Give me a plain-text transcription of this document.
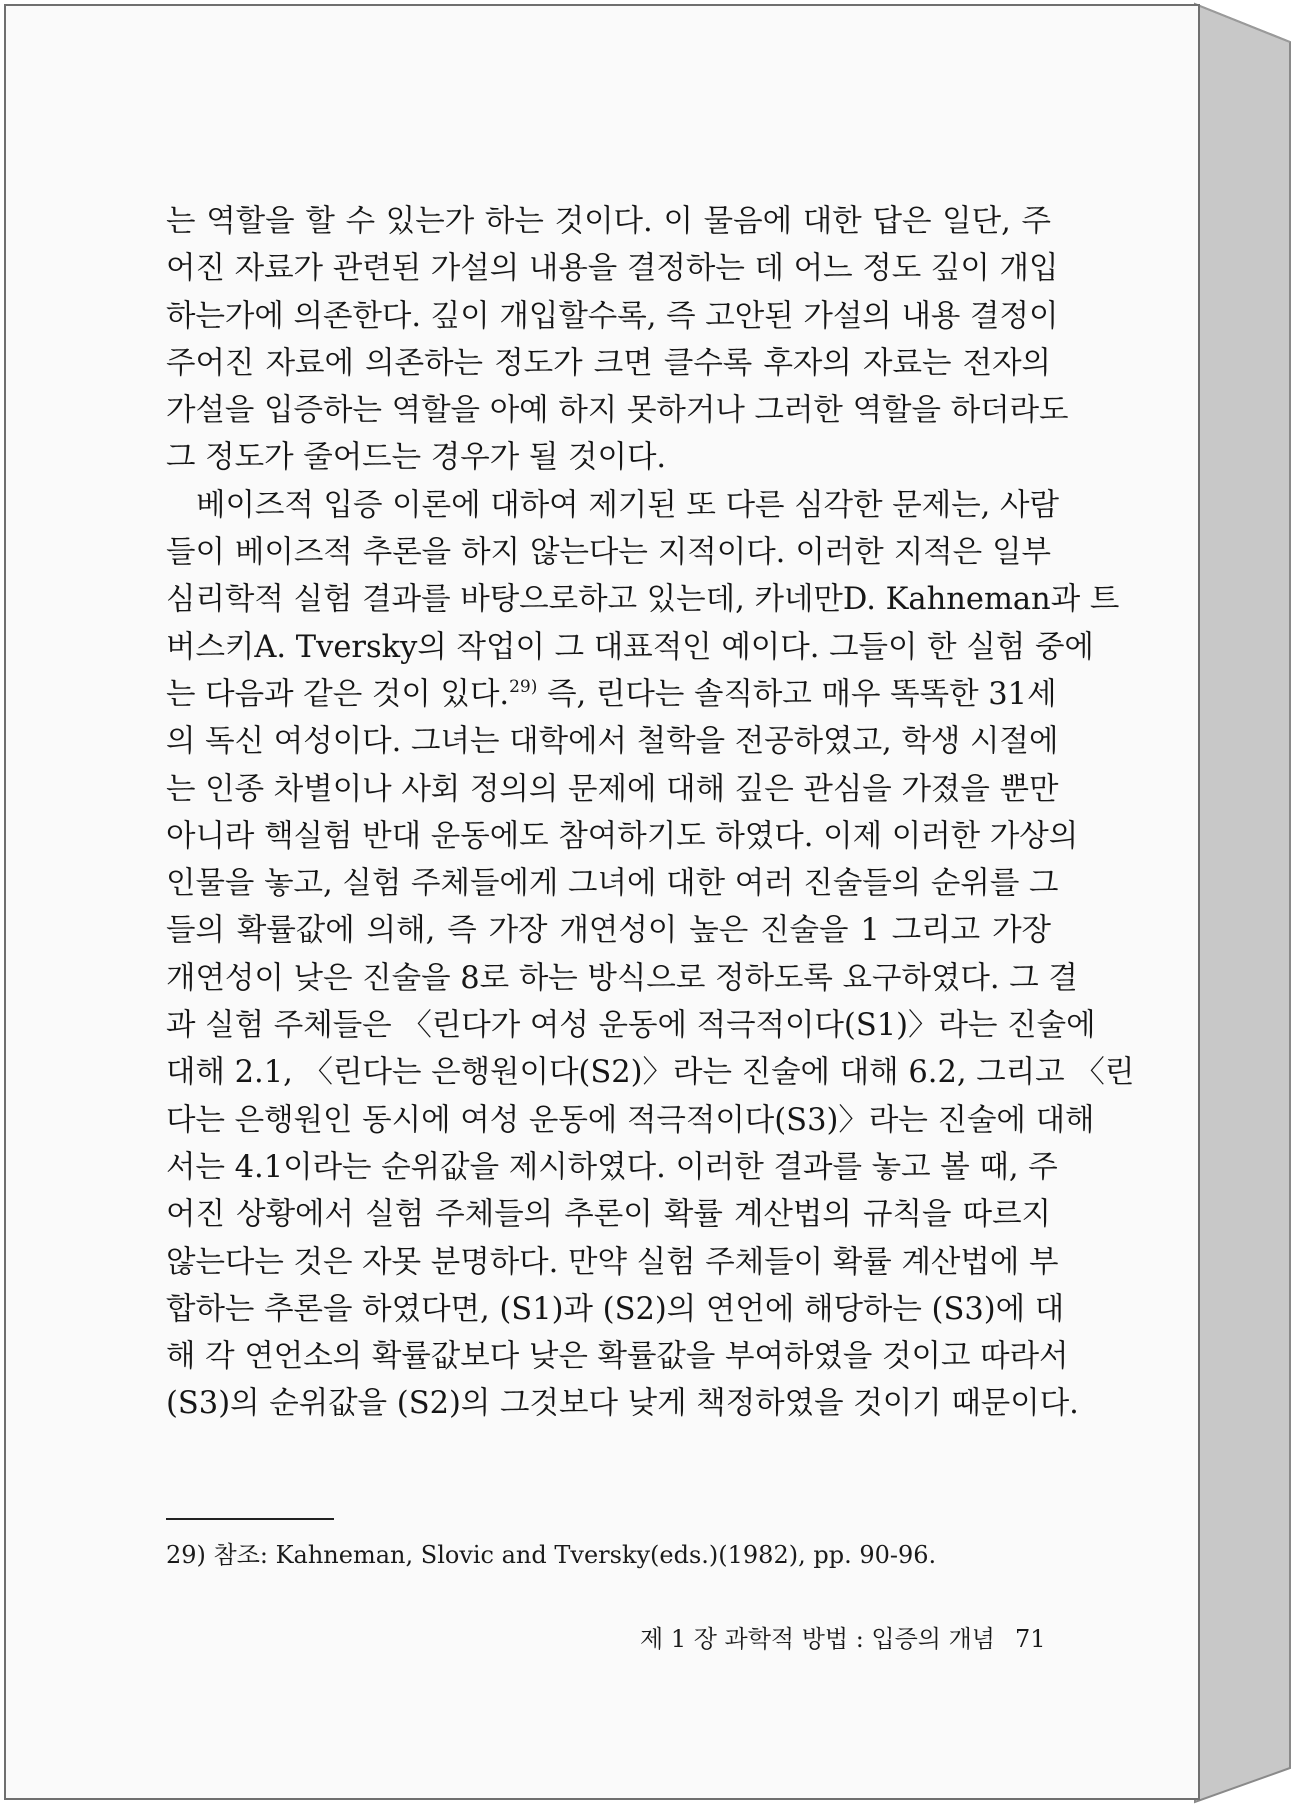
는 역할을 할 수 있는가 하는 것이다. 이 물음에 대한 답은 일단, 주
어진 자료가 관련된 가설의 내용을 결정하는 데 어느 정도 깊이 개입
하는가에 의존한다. 깊이 개입할수록, 즉 고안된 가설의 내용 결정이
주어진 자료에 의존하는 정도가 크면 클수록 후자의 자료는 전자의
가설을 입증하는 역할을 아예 하지 못하거나 그러한 역할을 하더라도
그 정도가 줄어드는 경우가 될 것이다.
베이즈적 입증 이론에 대하여 제기된 또 다른 심각한 문제는, 사람
들이 베이즈적 추론을 하지 않는다는 지적이다. 이러한 지적은 일부
심리학적 실험 결과를 바탕으로하고 있는데, 카네만D. Kahneman과 트
버스키A. Tversky의 작업이 그 대표적인 예이다. 그들이 한 실험 중에
는 다음과 같은 것이 있다.$^{29)}$ 즉, 린다는 솔직하고 매우 똑똑한 31세
의 독신 여성이다. 그녀는 대학에서 철학을 전공하였고, 학생 시절에
는 인종 차별이나 사회 정의의 문제에 대해 깊은 관심을 가졌을 뿐만
아니라 핵실험 반대 운동에도 참여하기도 하였다. 이제 이러한 가상의
인물을 놓고, 실험 주체들에게 그녀에 대한 여러 진술들의 순위를 그
들의 확률값에 의해, 즉 가장 개연성이 높은 진술을 1 그리고 가장
개연성이 낮은 진술을 8로 하는 방식으로 정하도록 요구하였다. 그 결
과 실험 주체들은 〈린다가 여성 운동에 적극적이다(S1)〉라는 진술에
대해 2.1, 〈린다는 은행원이다(S2)〉라는 진술에 대해 6.2, 그리고 〈린
다는 은행원인 동시에 여성 운동에 적극적이다(S3)〉라는 진술에 대해
서는 4.1이라는 순위값을 제시하였다. 이러한 결과를 놓고 볼 때, 주
어진 상황에서 실험 주체들의 추론이 확률 계산법의 규칙을 따르지
않는다는 것은 자못 분명하다. 만약 실험 주체들이 확률 계산법에 부
합하는 추론을 하였다면, (S1)과 (S2)의 연언에 해당하는 (S3)에 대
해 각 연언소의 확률값보다 낮은 확률값을 부여하였을 것이고 따라서
(S3)의 순위값을 (S2)의 그것보다 낮게 책정하였을 것이기 때문이다.
29) 참조: Kahneman, Slovic and Tversky(eds.)(1982), pp. 90-96.
제 1 장 과학적 방법 : 입증의 개념 71
